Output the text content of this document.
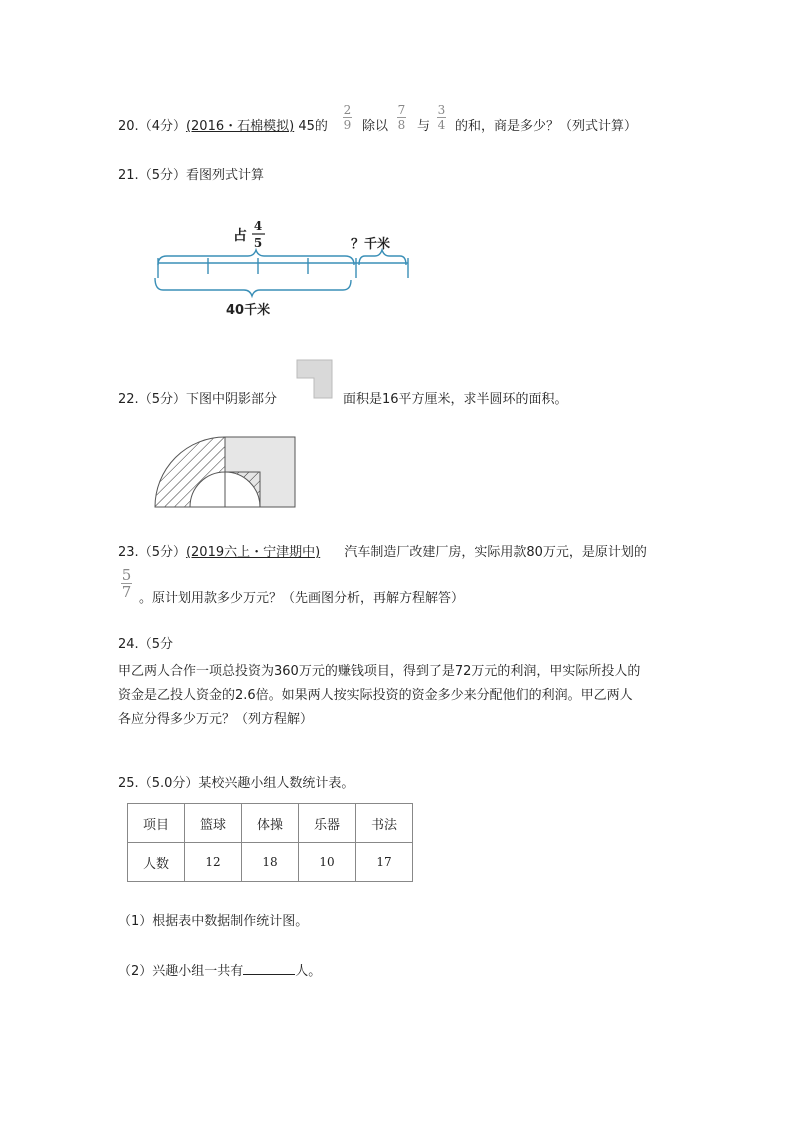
20.（4分）(2016・石棉模拟) 45的
2
9 除以
7
8 与
3
4 的和，商是多少？（列式计算）
21.（5分）看图列式计算
占
4
5	？千米
40千米
22.（5分）下图中阴影部分	面积是16平方厘米，求半圆环的面积。
23.（5分）(2019六上・宁津期中) 汽车制造厂改建厂房，实际用款80万元，是原计划的
5
7 。原计划用款多少万元？（先画图分析，再解方程解答）
24.（5分
甲乙两人合作一项总投资为360万元的赚钱项目，得到了是72万元的利润，甲实际所投人的
资金是乙投人资金的2.6倍。如果两人按实际投资的资金多少来分配他们的利润。甲乙两人
各应分得多少万元？（列方程解）
25.（5.0分）某校兴趣小组人数统计表。
项目	篮球	体操	乐器	书法
人数	12	18	10	17
（1）根据表中数据制作统计图。
（2）兴趣小组一共有	人。
